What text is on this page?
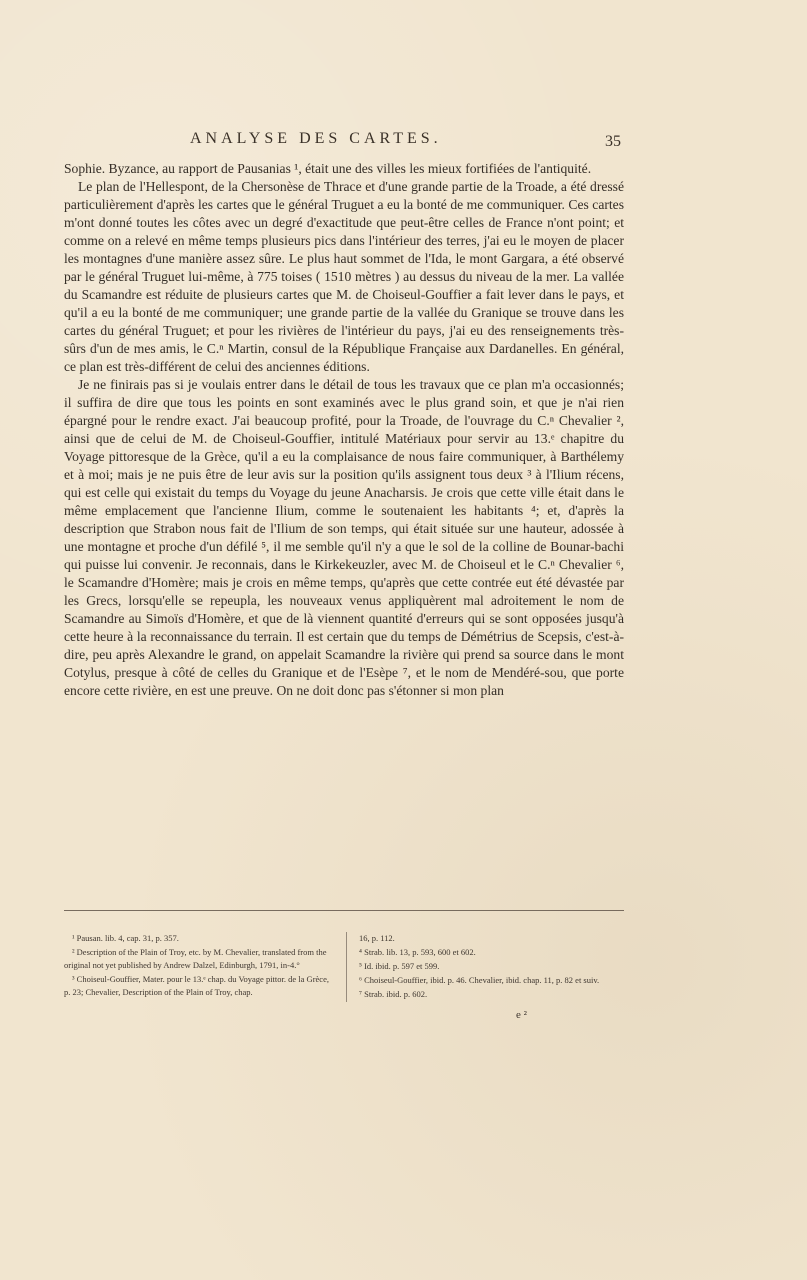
ANALYSE DES CARTES.	35

Sophie. Byzance, au rapport de Pausanias ¹, était une des villes les mieux fortifiées de l'antiquité.

Le plan de l'Hellespont, de la Chersonèse de Thrace et d'une grande partie de la Troade, a été dressé particulièrement d'après les cartes que le général Truguet a eu la bonté de me communiquer. Ces cartes m'ont donné toutes les côtes avec un degré d'exactitude que peut-être celles de France n'ont point; et comme on a relevé en même temps plusieurs pics dans l'intérieur des terres, j'ai eu le moyen de placer les montagnes d'une manière assez sûre. Le plus haut sommet de l'Ida, le mont Gargara, a été observé par le général Truguet lui-même, à 775 toises ( 1510 mètres ) au dessus du niveau de la mer. La vallée du Scamandre est réduite de plusieurs cartes que M. de Choiseul-Gouffier a fait lever dans le pays, et qu'il a eu la bonté de me communiquer; une grande partie de la vallée du Granique se trouve dans les cartes du général Truguet; et pour les rivières de l'intérieur du pays, j'ai eu des renseignements très-sûrs d'un de mes amis, le C.ⁿ Martin, consul de la République Française aux Dardanelles. En général, ce plan est très-différent de celui des anciennes éditions.

Je ne finirais pas si je voulais entrer dans le détail de tous les travaux que ce plan m'a occasionnés; il suffira de dire que tous les points en sont examinés avec le plus grand soin, et que je n'ai rien épargné pour le rendre exact. J'ai beaucoup profité, pour la Troade, de l'ouvrage du C.ⁿ Chevalier ², ainsi que de celui de M. de Choiseul-Gouffier, intitulé Matériaux pour servir au 13.ᵉ chapitre du Voyage pittoresque de la Grèce, qu'il a eu la complaisance de nous faire communiquer, à Barthélemy et à moi; mais je ne puis être de leur avis sur la position qu'ils assignent tous deux ³ à l'Ilium récens, qui est celle qui existait du temps du Voyage du jeune Anacharsis. Je crois que cette ville était dans le même emplacement que l'ancienne Ilium, comme le soutenaient les habitants ⁴; et, d'après la description que Strabon nous fait de l'Ilium de son temps, qui était située sur une hauteur, adossée à une montagne et proche d'un défilé ⁵, il me semble qu'il n'y a que le sol de la colline de Bounar-bachi qui puisse lui convenir. Je reconnais, dans le Kirkekeuzler, avec M. de Choiseul et le C.ⁿ Chevalier ⁶, le Scamandre d'Homère; mais je crois en même temps, qu'après que cette contrée eut été dévastée par les Grecs, lorsqu'elle se repeupla, les nouveaux venus appliquèrent mal adroitement le nom de Scamandre au Simoïs d'Homère, et que de là viennent quantité d'erreurs qui se sont opposées jusqu'à cette heure à la reconnaissance du terrain. Il est certain que du temps de Démétrius de Scepsis, c'est-à-dire, peu après Alexandre le grand, on appelait Scamandre la rivière qui prend sa source dans le mont Cotylus, presque à côté de celles du Granique et de l'Esèpe ⁷, et le nom de Mendéré-sou, que porte encore cette rivière, en est une preuve. On ne doit donc pas s'étonner si mon plan

¹ Pausan. lib. 4, cap. 31, p. 357.
² Description of the Plain of Troy, etc. by M. Chevalier, translated from the original not yet published by Andrew Dalzel, Edinburgh, 1791, in-4.°
³ Choiseul-Gouffier, Mater. pour le 13.ᵉ chap. du Voyage pittor. de la Grèce, p. 23; Chevalier, Description of the Plain of Troy, chap.
16, p. 112.
⁴ Strab. lib. 13, p. 593, 600 et 602.
⁵ Id. ibid. p. 597 et 599.
⁶ Choiseul-Gouffier, ibid. p. 46. Chevalier, ibid. chap. 11, p. 82 et suiv.
⁷ Strab. ibid. p. 602.
e ²
